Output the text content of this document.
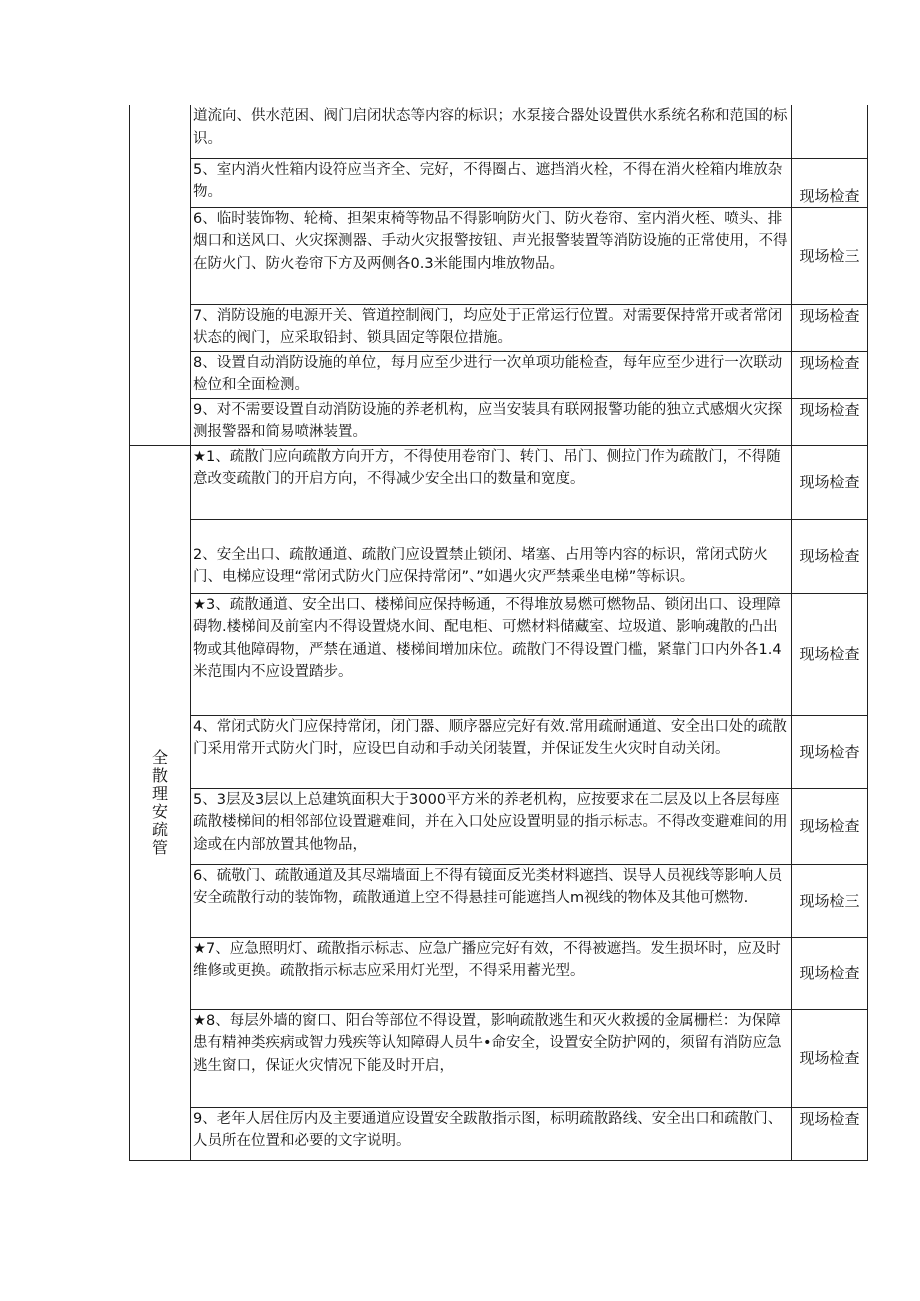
	道流向、供水范困、阀门启闭状态等内容的标识；水泵接合器处设置供水系统名称和范国的标识。	
	5、室内消火性箱内设符应当齐全、完好，不得圈占、遮挡消火栓，不得在消火栓箱内堆放杂物。	现场检查
	6、临时装饰物、轮椅、担架束椅等物品不得影响防火门、防火卷帘、室内消火桎、喷头、排烟口和送风口、火灾探测器、手动火灾报警按钮、声光报警装置等消防设施的正常使用，不得在防火门、防火卷帘下方及两侧各0.3米能围内堆放物品。	现场检三
	7、消防设施的电源开关、管道控制阀门，均应处于正常运行位置。对需要保持常开或者常闭状态的阀门，应采取铅封、锁具固定等限位措施。	现场检查
	8、设置自动消防设施的单位，每月应至少进行一次单项功能检查，每年应至少进行一次联动检位和全面检测。	现场检查
	9、对不需要设置自动消防设施的养老机构，应当安装具有联网报警功能的独立式感烟火灾探测报警器和简易喷淋装置。	现场检查

全散理安疏管	★1、疏散门应向疏散方向开方，不得使用卷帘门、转门、吊门、侧拉门作为疏散门，不得随意改变疏散门的开启方向，不得减少安全出口的数量和宽度。	现场检查
	2、安全出口、疏散通道、疏散门应设置禁止锁闭、堵塞、占用等内容的标识，常闭式防火门、电梯应设理“常闭式防火门应保持常闭”、”如遇火灾严禁乘坐电梯”等标识。	现场检查
	★3、疏散通道、安全出口、楼梯间应保持畅通，不得堆放易燃可燃物品、锁闭出口、设理障碍物.楼梯间及前室内不得设置烧水间、配电柜、可燃材料储藏室、垃圾道、影响魂散的凸出物或其他障碍物，严禁在通道、楼梯间增加床位。疏散门不得设置门槛，紧靠门口内外各1.4米范围内不应设置踏步。	现场检查
	4、常闭式防火门应保持常闭，闭门器、顺序器应完好有效.常用疏耐通道、安全出口处的疏散门采用常开式防火门时，应设巴自动和手动关闭装置，并保证发生火灾时自动关闭。	现场检杳
	5、3层及3层以上总建筑面积大于3000平方米的养老机构，应按要求在二层及以上各层每座疏散楼梯间的相邻部位设置避难间，并在入口处应设置明显的指示标志。不得改变避难间的用途或在内部放置其他物品，	现场检查
	6、硫敬门、疏散通道及其尽端墙面上不得有镜面反光类材料遮挡、误导人员视线等影响人员安全疏散行动的装饰物，疏散通道上空不得悬挂可能遮挡人m视线的物体及其他可燃物.	现场检三
	★7、应急照明灯、疏散指示标志、应急广播应完好有效，不得被遮挡。发生损坏时，应及时维修或更换。疏散指示标志应采用灯光型，不得采用蓄光型。	现场检查
	★8、每层外墙的窗口、阳台等部位不得设置，影响疏散逃生和灭火救援的金属栅栏：为保障患有精神类疾病或智力残疾等认知障碍人员牛•命安全，设置安全防护网的，须留有消防应急逃生窗口，保证火灾情况下能及时开启，	现场检查
	9、老年人居住厉内及主要通道应设置安全跋散指示图，标明疏散路线、安全出口和疏散门、人员所在位置和必要的文字说明。	现场检查
